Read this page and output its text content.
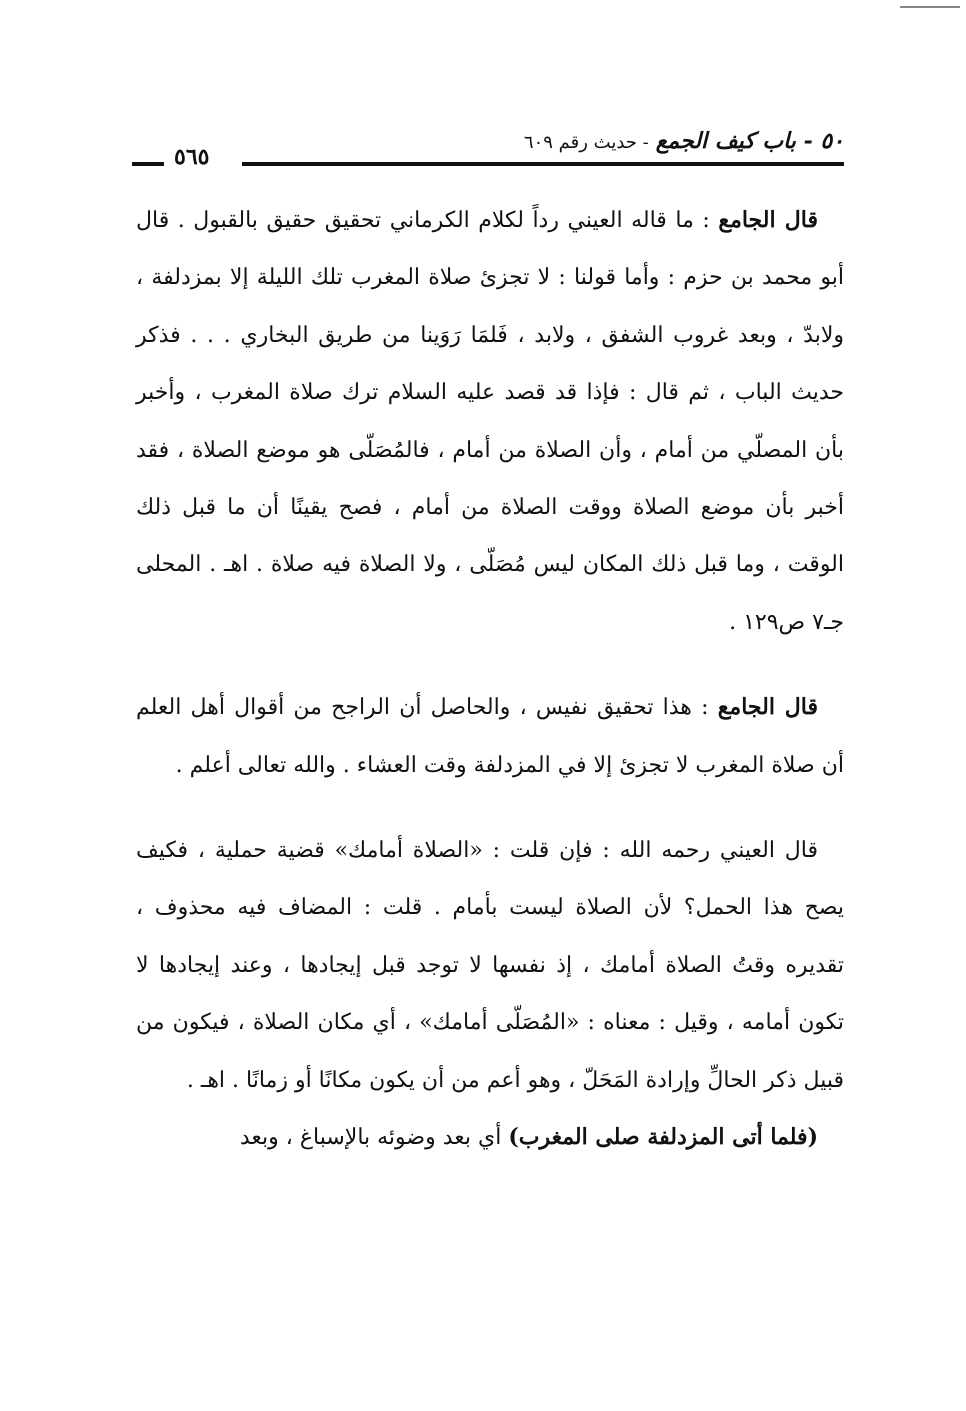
٥٠ - باب كيف الجمع - حديث رقم ٦٠٩
٥٦٥

قال الجامع : ما قاله العيني رداً لكلام الكرماني تحقيق حقيق بالقبول . قال أبو محمد بن حزم : وأما قولنا : لا تجزئ صلاة المغرب تلك الليلة إلا بمزدلفة ، ولابدّ ، وبعد غروب الشفق ، ولابد ، فَلمَا رَوَينا من طريق البخاري . . . فذكر حديث الباب ، ثم قال : فإذا قد قصد عليه السلام ترك صلاة المغرب ، وأخبر بأن المصلّي من أمام ، وأن الصلاة من أمام ، فالمُصَلّى هو موضع الصلاة ، فقد أخبر بأن موضع الصلاة ووقت الصلاة من أمام ، فصح يقينًا أن ما قبل ذلك الوقت ، وما قبل ذلك المكان ليس مُصَلّى ، ولا الصلاة فيه صلاة . اهـ . المحلى جـ٧ ص١٢٩ .

قال الجامع : هذا تحقيق نفيس ، والحاصل أن الراجح من أقوال أهل العلم أن صلاة المغرب لا تجزئ إلا في المزدلفة وقت العشاء . والله تعالى أعلم .

قال العيني رحمه الله : فإن قلت : «الصلاة أمامك» قضية حملية ، فكيف يصح هذا الحمل؟ لأن الصلاة ليست بأمام . قلت : المضاف فيه محذوف ، تقديره وقتُ الصلاة أمامك ، إذ نفسها لا توجد قبل إيجادها ، وعند إيجادها لا تكون أمامه ، وقيل : معناه : «المُصَلّى أمامك» ، أي مكان الصلاة ، فيكون من قبيل ذكر الحالِّ وإرادة المَحَلّ ، وهو أعم من أن يكون مكانًا أو زمانًا . اهـ .

(فلما أتى المزدلفة صلى المغرب) أي بعد وضوئه بالإسباغ ، وبعد
